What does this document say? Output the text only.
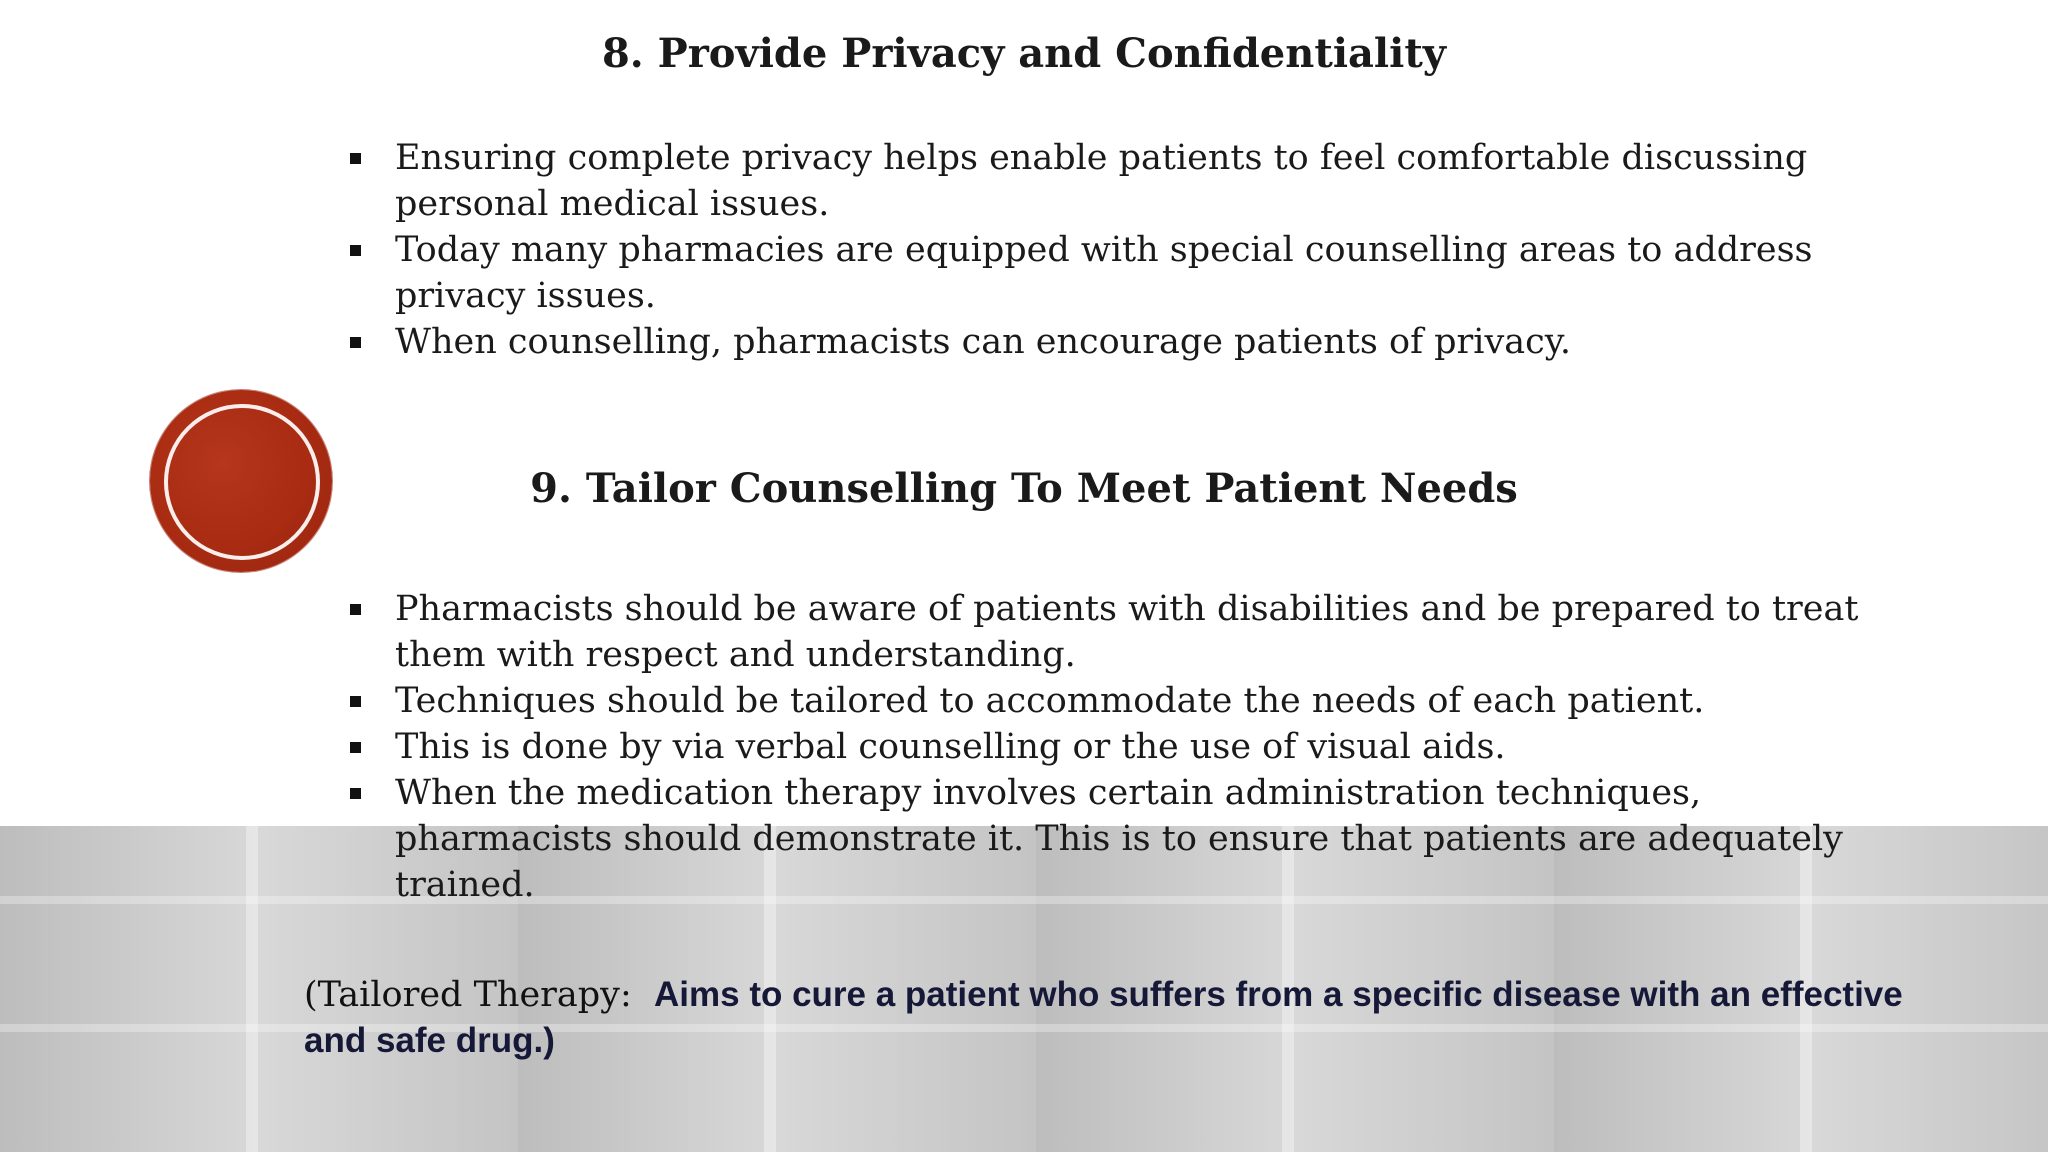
8. Provide Privacy and Confidentiality
Ensuring complete privacy helps enable patients to feel comfortable discussing personal medical issues.
Today many pharmacies are equipped with special counselling areas to address privacy issues.
When counselling, pharmacists can encourage patients of privacy.
9. Tailor Counselling To Meet Patient Needs
Pharmacists should be aware of patients with disabilities and be prepared to treat them with respect and understanding.
Techniques should be tailored to accommodate the needs of each patient.
This is done by via verbal counselling or the use of visual aids.
When the medication therapy involves certain administration techniques, pharmacists should demonstrate it. This is to ensure that patients are adequately trained.

(Tailored Therapy: Aims to cure a patient who suffers from a specific disease with an effective and safe drug.)
